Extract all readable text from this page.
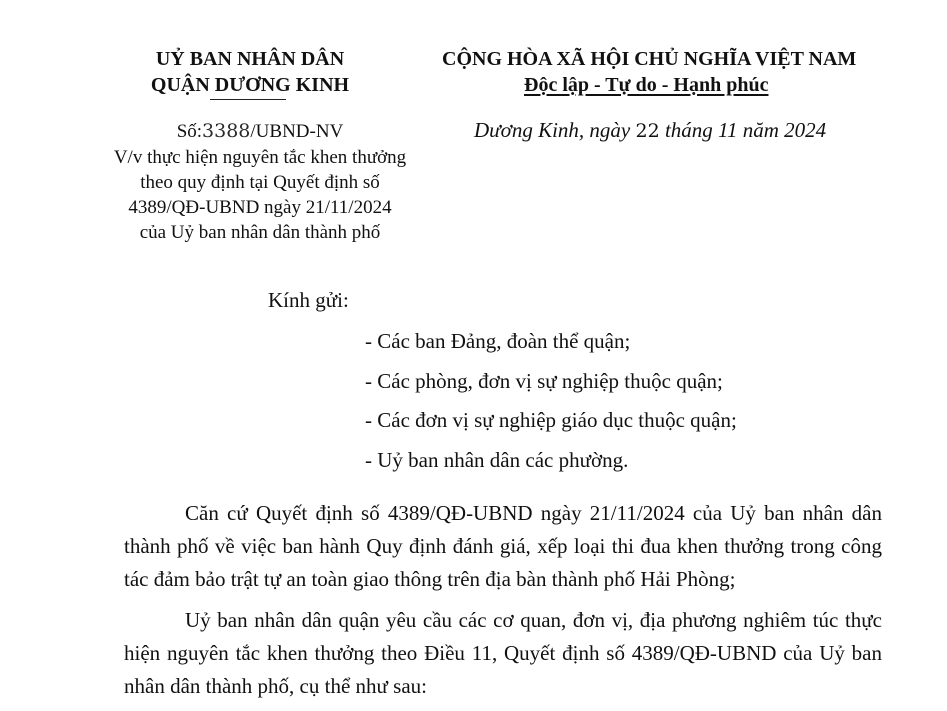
UỶ BAN NHÂN DÂN
QUẬN DƯƠNG KINH
CỘNG HÒA XÃ HỘI CHỦ NGHĨA VIỆT NAM
Độc lập - Tự do - Hạnh phúc
Số:3388/UBND-NV
V/v thực hiện nguyên tắc khen thưởng
theo quy định tại Quyết định số
4389/QĐ-UBND ngày 21/11/2024
của Uỷ ban nhân dân thành phố
Dương Kinh, ngày 22 tháng 11 năm 2024
Kính gửi:
- Các ban Đảng, đoàn thể quận;
- Các phòng, đơn vị sự nghiệp thuộc quận;
- Các đơn vị sự nghiệp giáo dục thuộc quận;
- Uỷ ban nhân dân các phường.
Căn cứ Quyết định số 4389/QĐ-UBND ngày 21/11/2024 của Uỷ ban nhân dân thành phố về việc ban hành Quy định đánh giá, xếp loại thi đua khen thưởng trong công tác đảm bảo trật tự an toàn giao thông trên địa bàn thành phố Hải Phòng;
Uỷ ban nhân dân quận yêu cầu các cơ quan, đơn vị, địa phương nghiêm túc thực hiện nguyên tắc khen thưởng theo Điều 11, Quyết định số 4389/QĐ-UBND của Uỷ ban nhân dân thành phố, cụ thể như sau:
